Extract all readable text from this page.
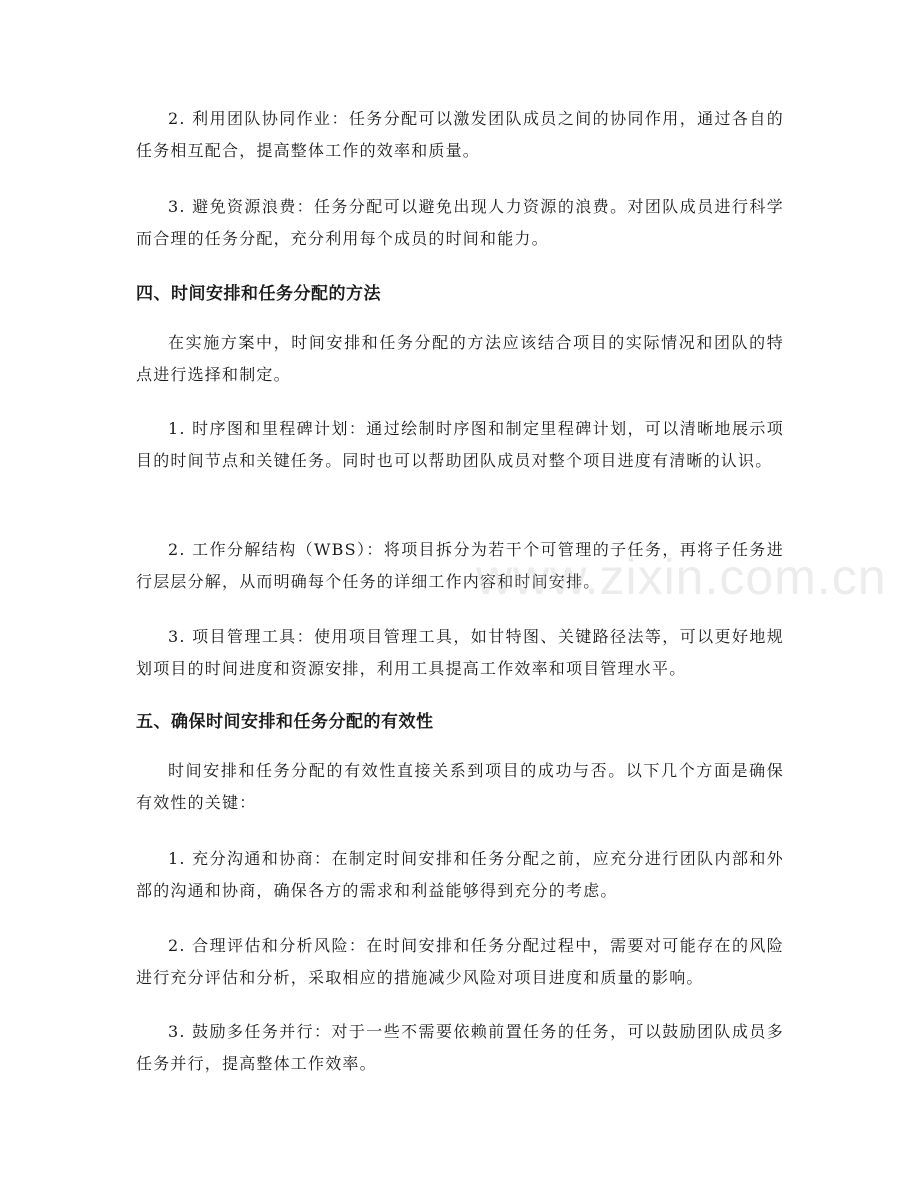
2. 利用团队协同作业：任务分配可以激发团队成员之间的协同作用，通过各自的任务相互配合，提高整体工作的效率和质量。

3. 避免资源浪费：任务分配可以避免出现人力资源的浪费。对团队成员进行科学而合理的任务分配，充分利用每个成员的时间和能力。

四、时间安排和任务分配的方法

在实施方案中，时间安排和任务分配的方法应该结合项目的实际情况和团队的特点进行选择和制定。

1. 时序图和里程碑计划：通过绘制时序图和制定里程碑计划，可以清晰地展示项目的时间节点和关键任务。同时也可以帮助团队成员对整个项目进度有清晰的认识。

2. 工作分解结构（WBS）：将项目拆分为若干个可管理的子任务，再将子任务进行层层分解，从而明确每个任务的详细工作内容和时间安排。

3. 项目管理工具：使用项目管理工具，如甘特图、关键路径法等，可以更好地规划项目的时间进度和资源安排，利用工具提高工作效率和项目管理水平。

五、确保时间安排和任务分配的有效性

时间安排和任务分配的有效性直接关系到项目的成功与否。以下几个方面是确保有效性的关键：

1. 充分沟通和协商：在制定时间安排和任务分配之前，应充分进行团队内部和外部的沟通和协商，确保各方的需求和利益能够得到充分的考虑。

2. 合理评估和分析风险：在时间安排和任务分配过程中，需要对可能存在的风险进行充分评估和分析，采取相应的措施减少风险对项目进度和质量的影响。

3. 鼓励多任务并行：对于一些不需要依赖前置任务的任务，可以鼓励团队成员多任务并行，提高整体工作效率。

www.zixin.com.cn
